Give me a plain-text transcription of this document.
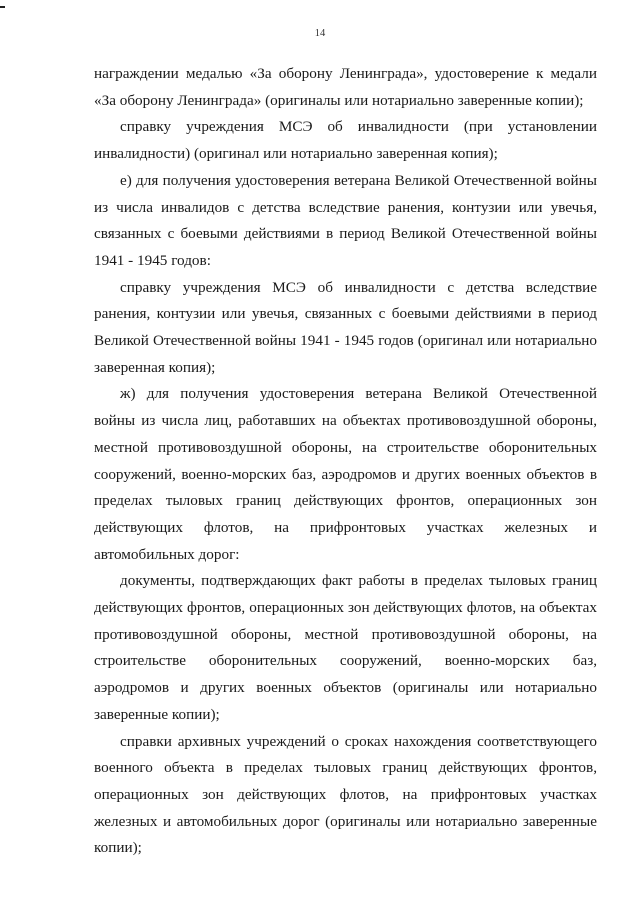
14

награждении медалью «За оборону Ленинграда», удостоверение к медали «За оборону Ленинграда» (оригиналы или нотариально заверенные копии);

справку учреждения МСЭ об инвалидности (при установлении инвалидности) (оригинал или нотариально заверенная копия);

е) для получения удостоверения ветерана Великой Отечественной войны из числа инвалидов с детства вследствие ранения, контузии или увечья, связанных с боевыми действиями в период Великой Отечественной войны 1941 - 1945 годов:

справку учреждения МСЭ об инвалидности с детства вследствие ранения, контузии или увечья, связанных с боевыми действиями в период Великой Отечественной войны 1941 - 1945 годов (оригинал или нотариально заверенная копия);

ж) для получения удостоверения ветерана Великой Отечественной войны из числа лиц, работавших на объектах противовоздушной обороны, местной противовоздушной обороны, на строительстве оборонительных сооружений, военно-морских баз, аэродромов и других военных объектов в пределах тыловых границ действующих фронтов, операционных зон действующих флотов, на прифронтовых участках железных и автомобильных дорог:

документы, подтверждающих факт работы в пределах тыловых границ действующих фронтов, операционных зон действующих флотов, на объектах противовоздушной обороны, местной противовоздушной обороны, на строительстве оборонительных сооружений, военно-морских баз, аэродромов и других военных объектов (оригиналы или нотариально заверенные копии);

справки архивных учреждений о сроках нахождения соответствующего военного объекта в пределах тыловых границ действующих фронтов, операционных зон действующих флотов, на прифронтовых участках железных и автомобильных дорог (оригиналы или нотариально заверенные копии);
